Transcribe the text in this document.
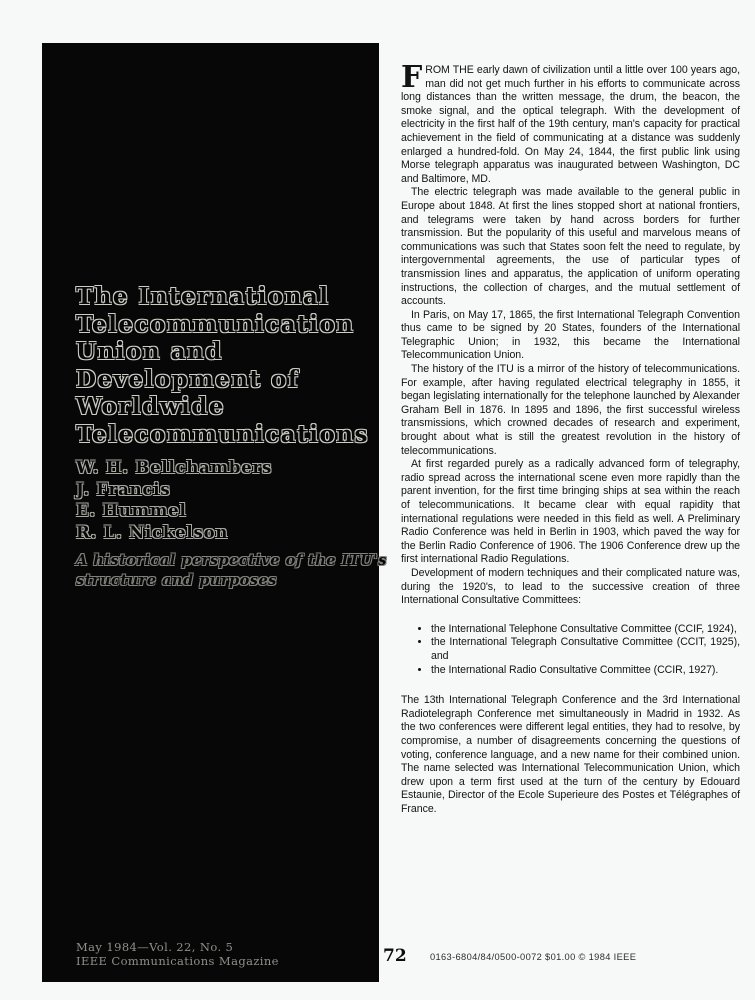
The International
Telecommunication
Union and
Development of
Worldwide
Telecommunications
W. H. Bellchambers
J. Francis
E. Hummel
R. L. Nickelson
A historical perspective of the ITU's
structure and purposes
May 1984—Vol. 22, No. 5
IEEE Communications Magazine

FROM THE early dawn of civilization until a little over 100 years ago, man did not get much further in his efforts to communicate across long distances than the written message, the drum, the beacon, the smoke signal, and the optical telegraph. With the development of electricity in the first half of the 19th century, man's capacity for practical achievement in the field of communicating at a distance was suddenly enlarged a hundred-fold. On May 24, 1844, the first public link using Morse telegraph apparatus was inaugurated between Washington, DC and Baltimore, MD.

The electric telegraph was made available to the general public in Europe about 1848. At first the lines stopped short at national frontiers, and telegrams were taken by hand across borders for further transmission. But the popularity of this useful and marvelous means of communications was such that States soon felt the need to regulate, by intergovernmental agreements, the use of particular types of transmission lines and apparatus, the application of uniform operating instructions, the collection of charges, and the mutual settlement of accounts.

In Paris, on May 17, 1865, the first International Telegraph Convention thus came to be signed by 20 States, founders of the International Telegraphic Union; in 1932, this became the International Telecommunication Union.

The history of the ITU is a mirror of the history of telecommunications. For example, after having regulated electrical telegraphy in 1855, it began legislating internationally for the telephone launched by Alexander Graham Bell in 1876. In 1895 and 1896, the first successful wireless transmissions, which crowned decades of research and experiment, brought about what is still the greatest revolution in the history of telecommunications.

At first regarded purely as a radically advanced form of telegraphy, radio spread across the international scene even more rapidly than the parent invention, for the first time bringing ships at sea within the reach of telecommunications. It became clear with equal rapidity that international regulations were needed in this field as well. A Preliminary Radio Conference was held in Berlin in 1903, which paved the way for the Berlin Radio Conference of 1906. The 1906 Conference drew up the first international Radio Regulations.

Development of modern techniques and their complicated nature was, during the 1920's, to lead to the successive creation of three International Consultative Committees:

• the International Telephone Consultative Committee (CCIF, 1924),
• the International Telegraph Consultative Committee (CCIT, 1925), and
• the International Radio Consultative Committee (CCIR, 1927).

The 13th International Telegraph Conference and the 3rd International Radiotelegraph Conference met simultaneously in Madrid in 1932. As the two conferences were different legal entities, they had to resolve, by compromise, a number of disagreements concerning the questions of voting, conference language, and a new name for their combined union. The name selected was International Telecommunication Union, which drew upon a term first used at the turn of the century by Edouard Estaunie, Director of the Ecole Superieure des Postes et Télégraphes of France.

72	0163-6804/84/0500-0072 $01.00 © 1984 IEEE
